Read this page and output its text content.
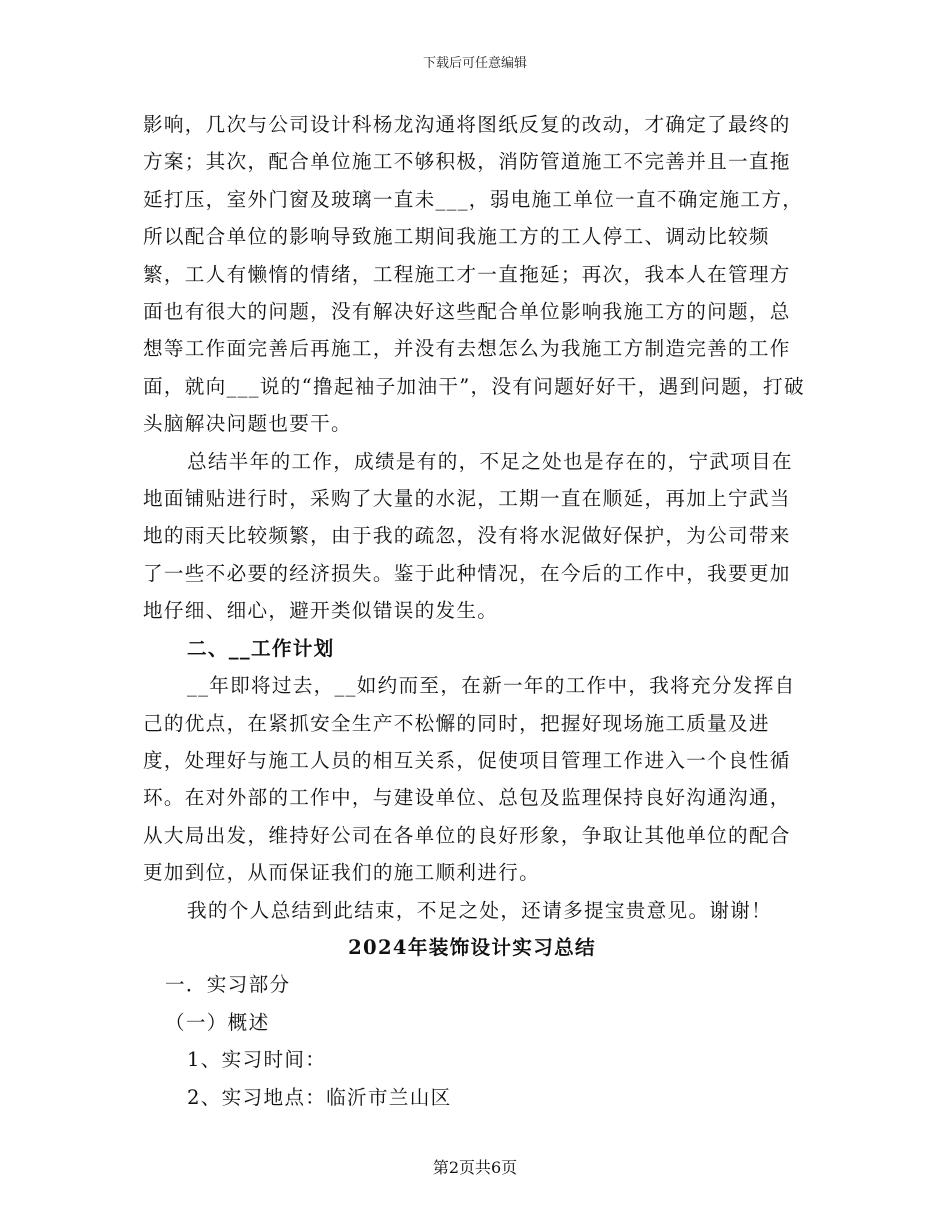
下载后可任意编辑

影响，几次与公司设计科杨龙沟通将图纸反复的改动，才确定了最终的方案；其次，配合单位施工不够积极，消防管道施工不完善并且一直拖延打压，室外门窗及玻璃一直未___，弱电施工单位一直不确定施工方，所以配合单位的影响导致施工期间我施工方的工人停工、调动比较频繁，工人有懒惰的情绪，工程施工才一直拖延；再次，我本人在管理方面也有很大的问题，没有解决好这些配合单位影响我施工方的问题，总想等工作面完善后再施工，并没有去想怎么为我施工方制造完善的工作面，就向___说的“撸起袖子加油干”，没有问题好好干，遇到问题，打破头脑解决问题也要干。

总结半年的工作，成绩是有的，不足之处也是存在的，宁武项目在地面铺贴进行时，采购了大量的水泥，工期一直在顺延，再加上宁武当地的雨天比较频繁，由于我的疏忽，没有将水泥做好保护，为公司带来了一些不必要的经济损失。鉴于此种情况，在今后的工作中，我要更加地仔细、细心，避开类似错误的发生。

二、__工作计划

__年即将过去，__如约而至，在新一年的工作中，我将充分发挥自己的优点，在紧抓安全生产不松懈的同时，把握好现场施工质量及进度，处理好与施工人员的相互关系，促使项目管理工作进入一个良性循环。在对外部的工作中，与建设单位、总包及监理保持良好沟通沟通，从大局出发，维持好公司在各单位的良好形象，争取让其他单位的配合更加到位，从而保证我们的施工顺利进行。

我的个人总结到此结束，不足之处，还请多提宝贵意见。谢谢！

2024年装饰设计实习总结

一．实习部分

（一）概述

1、实习时间：

2、实习地点：临沂市兰山区

第2页共6页
